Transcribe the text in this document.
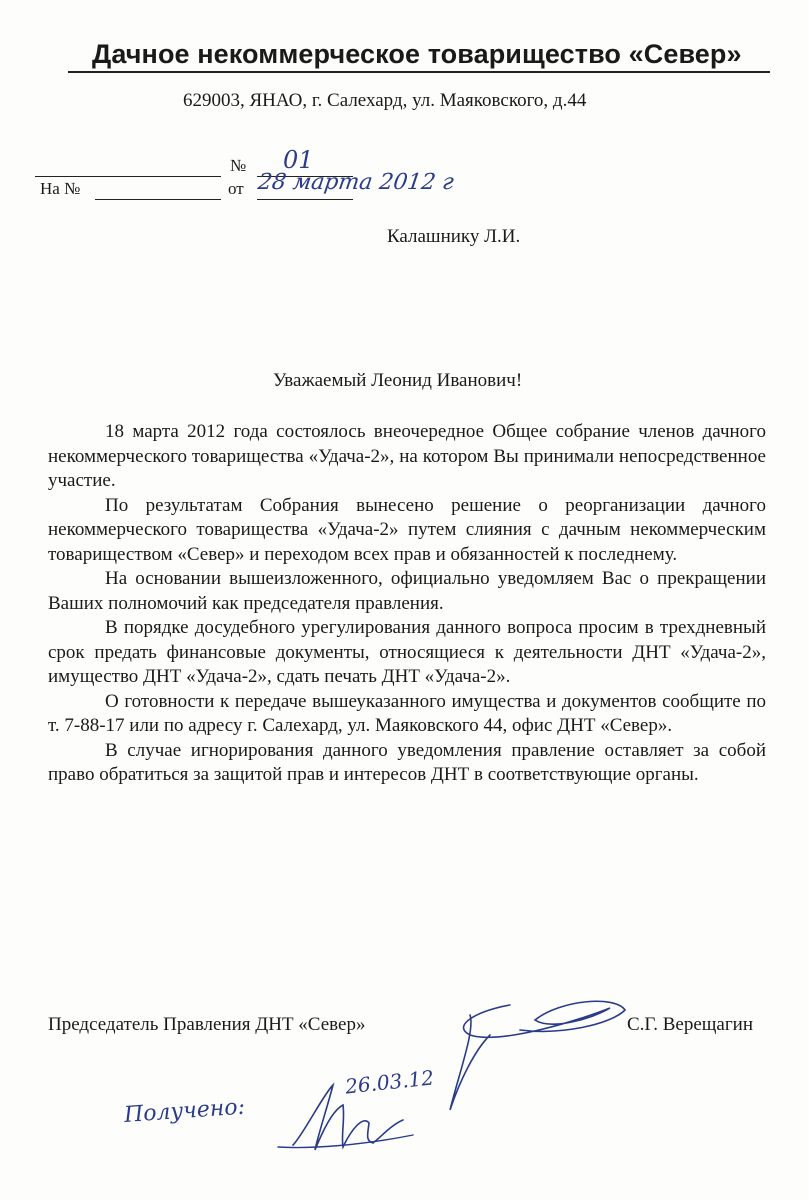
Дачное некоммерческое товарищество «Север»
629003, ЯНАО, г. Салехард, ул. Маяковского, д.44
№ 01
На №	от 28 марта 2012 г
Калашнику Л.И.
Уважаемый Леонид Иванович!

18 марта 2012 года состоялось внеочередное Общее собрание членов дачного некоммерческого товарищества «Удача-2», на котором Вы принимали непосредственное участие.

По результатам Собрания вынесено решение о реорганизации дачного некоммерческого товарищества «Удача-2» путем слияния с дачным некоммерческим товариществом «Север» и переходом всех прав и обязанностей к последнему.

На основании вышеизложенного, официально уведомляем Вас о прекращении Ваших полномочий как председателя правления.

В порядке досудебного урегулирования данного вопроса просим в трехдневный срок предать финансовые документы, относящиеся к деятельности ДНТ «Удача-2», имущество ДНТ «Удача-2», сдать печать ДНТ «Удача-2».

О готовности к передаче вышеуказанного имущества и документов сообщите по т. 7-88-17 или по адресу г. Салехард, ул. Маяковского 44, офис ДНТ «Север».

В случае игнорирования данного уведомления правление оставляет за собой право обратиться за защитой прав и интересов ДНТ в соответствующие органы.

Председатель Правления ДНТ «Север»	С.Г. Верещагин
Получено:
26.03.12
